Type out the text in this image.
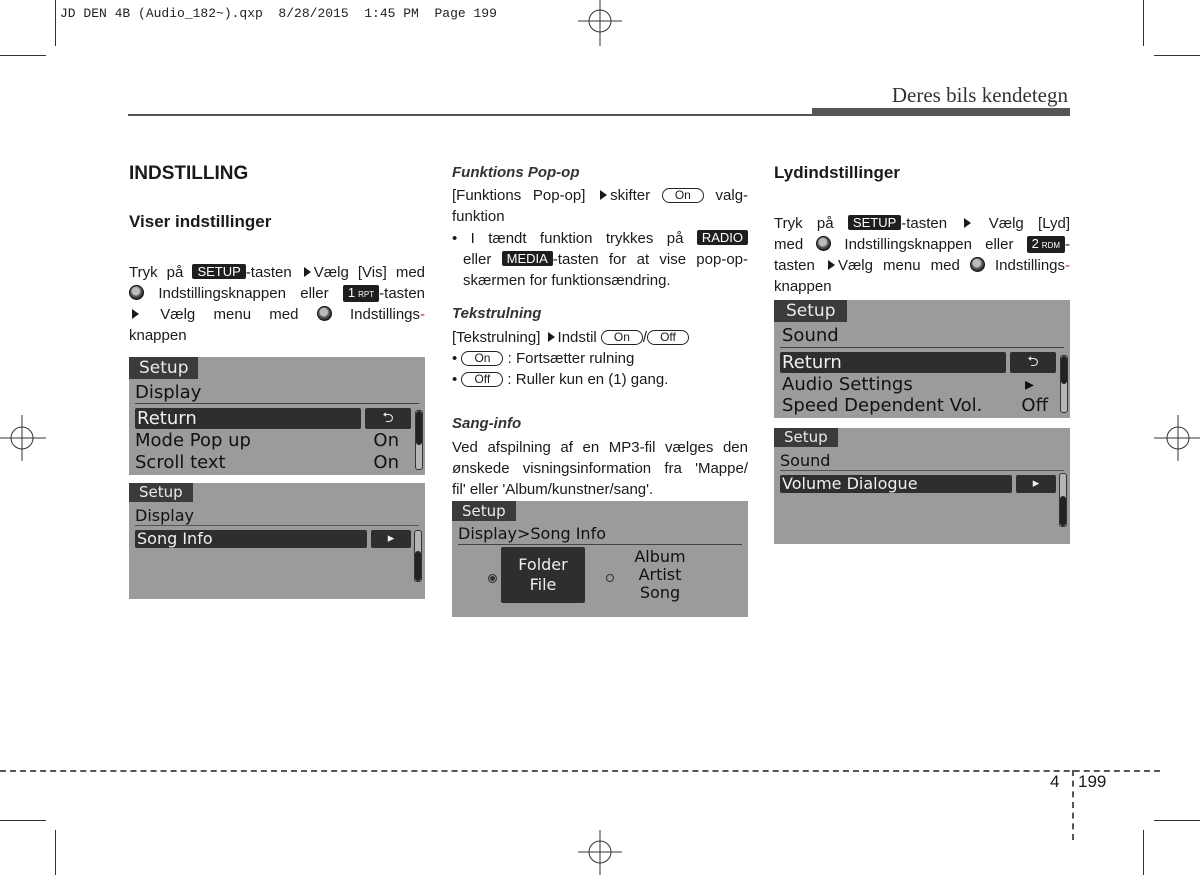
JD DEN 4B (Audio_182~).qxp  8/28/2015  1:45 PM  Page 199
Deres bils kendetegn
INDSTILLING
Viser indstillinger
Tryk på SETUP -tasten Vælg [Vis] med
Indstillingsknappen eller 1 RPT -tasten
Vælg menu med	Indstillings-
knappen
Setup
Display
Return	⮌
Mode Pop up	On
Scroll text	On
Setup
Display
Song Info	▸
Funktions Pop-op
[Funktions Pop-op] skifter On valg-
funktion
• I tændt funktion trykkes på RADIO
eller MEDIA -tasten for at vise pop-op-
skærmen for funktionsændring.
Tekstrulning
[Tekstrulning] Indstil On / Off
• On : Fortsætter rulning
• Off : Ruller kun en (1) gang.
Sang-info
Ved afspilning af en MP3-fil vælges den
ønskede visningsinformation fra 'Mappe/
fil' eller 'Album/kunstner/sang'.
Setup
Display>Song Info
Folder
File
Album
Artist
Song
Lydindstillinger
Tryk på SETUP -tasten	Vælg [Lyd]
med	Indstillingsknappen eller 2 RDM -
tasten Vælg menu med Indstillings-
knappen
Setup
Sound
Return	⮌
Audio Settings	▸
Speed Dependent Vol. Off
Setup
Sound
Volume Dialogue	▸
4 199
